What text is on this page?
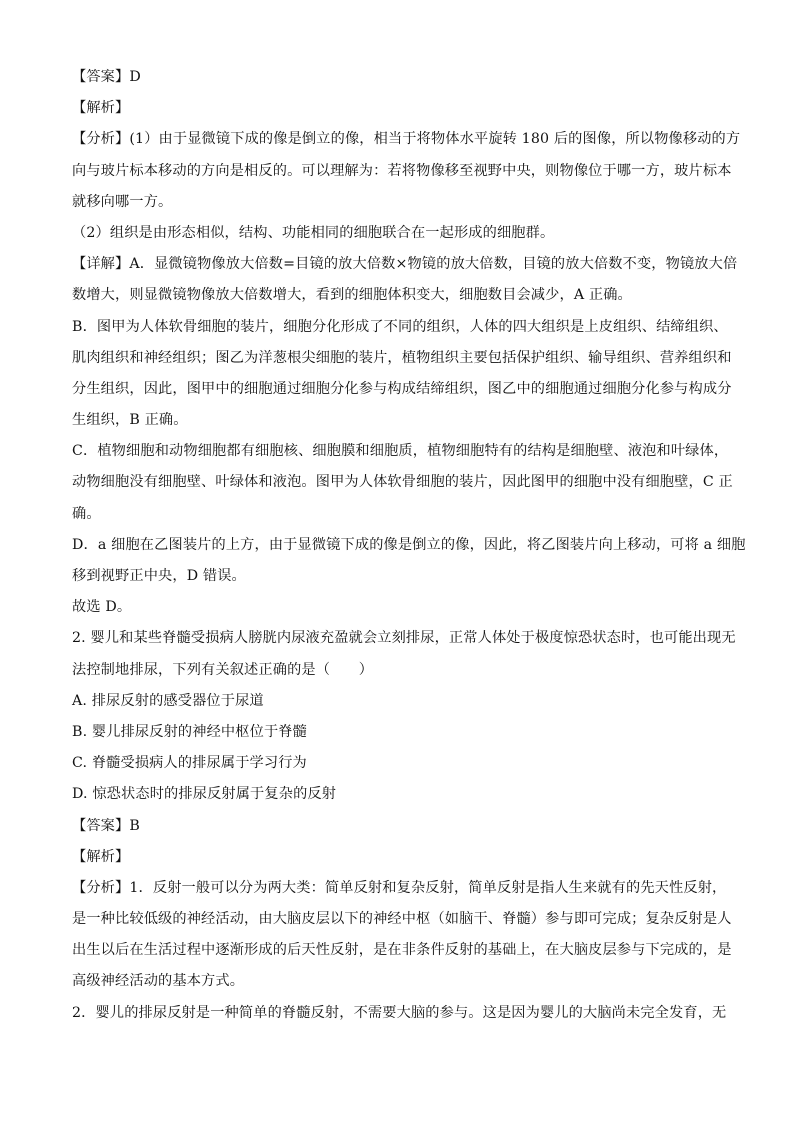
【答案】D
【解析】
【分析】(1）由于显微镜下成的像是倒立的像，相当于将物体水平旋转 180 后的图像，所以物像移动的方
向与玻片标本移动的方向是相反的。可以理解为：若将物像移至视野中央，则物像位于哪一方，玻片标本
就移向哪一方。
（2）组织是由形态相似，结构、功能相同的细胞联合在一起形成的细胞群。
【详解】A．显微镜物像放大倍数=目镜的放大倍数×物镜的放大倍数，目镜的放大倍数不变，物镜放大倍
数增大，则显微镜物像放大倍数增大，看到的细胞体积变大，细胞数目会减少，A 正确。
B．图甲为人体软骨细胞的装片，细胞分化形成了不同的组织，人体的四大组织是上皮组织、结缔组织、
肌肉组织和神经组织；图乙为洋葱根尖细胞的装片，植物组织主要包括保护组织、输导组织、营养组织和
分生组织，因此，图甲中的细胞通过细胞分化参与构成结缔组织，图乙中的细胞通过细胞分化参与构成分
生组织，B 正确。
C．植物细胞和动物细胞都有细胞核、细胞膜和细胞质，植物细胞特有的结构是细胞壁、液泡和叶绿体，
动物细胞没有细胞壁、叶绿体和液泡。图甲为人体软骨细胞的装片，因此图甲的细胞中没有细胞壁，C 正
确。
D．a 细胞在乙图装片的上方，由于显微镜下成的像是倒立的像，因此，将乙图装片向上移动，可将 a 细胞
移到视野正中央，D 错误。
故选 D。
2. 婴儿和某些脊髓受损病人膀胱内尿液充盈就会立刻排尿，正常人体处于极度惊恐状态时，也可能出现无
法控制地排尿，下列有关叙述正确的是（　　）
A. 排尿反射的感受器位于尿道
B. 婴儿排尿反射的神经中枢位于脊髓
C. 脊髓受损病人的排尿属于学习行为
D. 惊恐状态时的排尿反射属于复杂的反射
【答案】B
【解析】
【分析】1．反射一般可以分为两大类：简单反射和复杂反射，简单反射是指人生来就有的先天性反射，
是一种比较低级的神经活动，由大脑皮层以下的神经中枢（如脑干、脊髓）参与即可完成；复杂反射是人
出生以后在生活过程中逐渐形成的后天性反射，是在非条件反射的基础上，在大脑皮层参与下完成的，是
高级神经活动的基本方式。
2．婴儿的排尿反射是一种简单的脊髓反射，不需要大脑的参与。这是因为婴儿的大脑尚未完全发育，无
